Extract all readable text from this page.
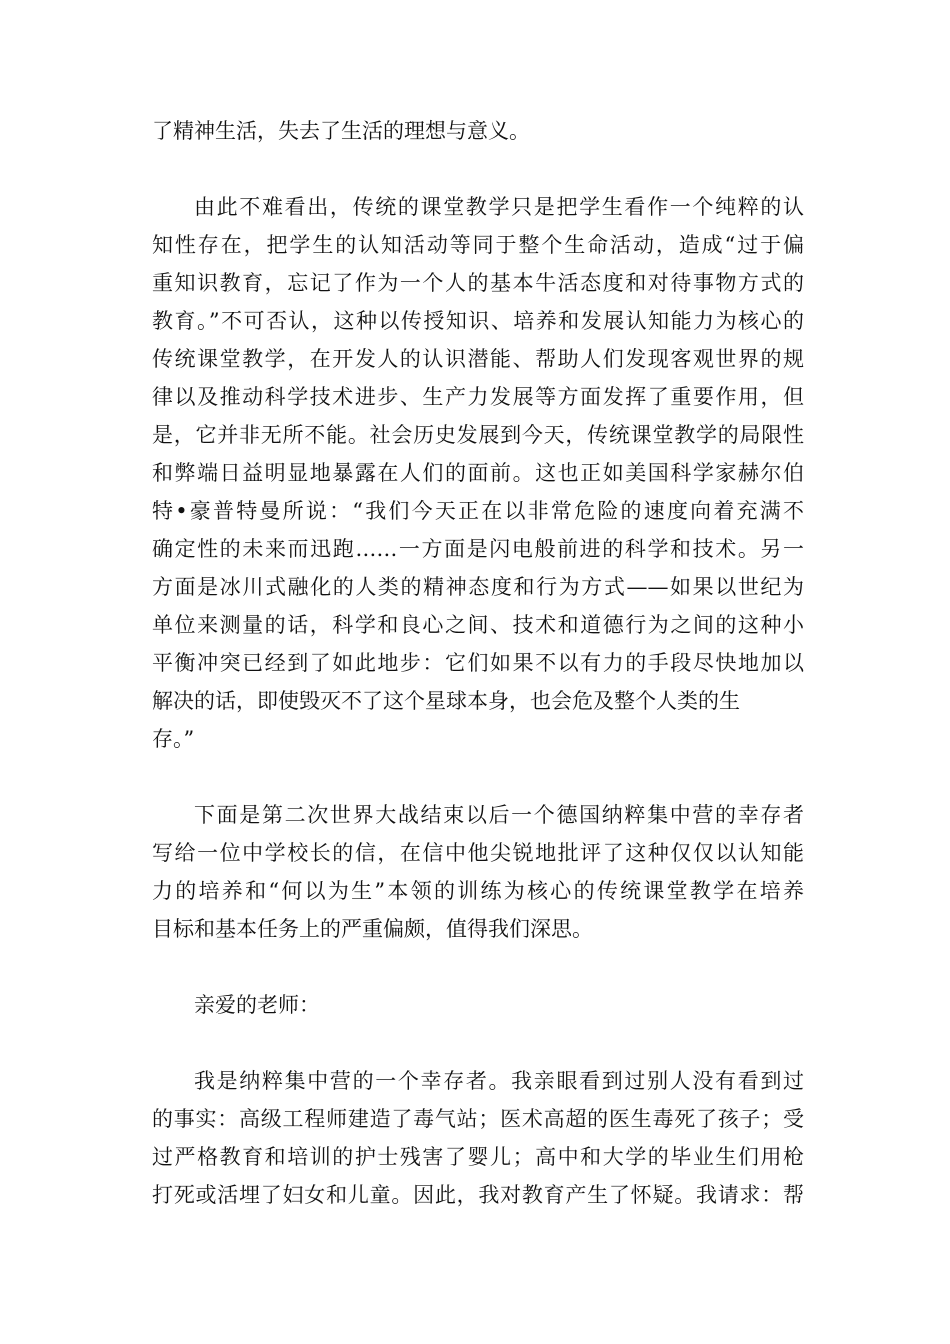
了精神生活，失去了生活的理想与意义。
由此不难看出，传统的课堂教学只是把学生看作一个纯粹的认
知性存在，把学生的认知活动等同于整个生命活动，造成“过于偏
重知识教育，忘记了作为一个人的基本牛活态度和对待事物方式的
教育。”不可否认，这种以传授知识、培养和发展认知能力为核心的
传统课堂教学，在开发人的认识潜能、帮助人们发现客观世界的规
律以及推动科学技术进步、生产力发展等方面发挥了重要作用，但
是，它并非无所不能。社会历史发展到今天，传统课堂教学的局限性
和弊端日益明显地暴露在人们的面前。这也正如美国科学家赫尔伯
特•豪普特曼所说：“我们今天正在以非常危险的速度向着充满不
确定性的未来而迅跑……一方面是闪电般前进的科学和技术。另一
方面是冰川式融化的人类的精神态度和行为方式——如果以世纪为
单位来测量的话，科学和良心之间、技术和道德行为之间的这种小
平衡冲突已经到了如此地步：它们如果不以有力的手段尽快地加以
解决的话，即使毁灭不了这个星球本身，也会危及整个人类的生
存。”
下面是第二次世界大战结束以后一个德国纳粹集中营的幸存者
写给一位中学校长的信，在信中他尖锐地批评了这种仅仅以认知能
力的培养和“何以为生”本领的训练为核心的传统课堂教学在培养
目标和基本任务上的严重偏颇，值得我们深思。
亲爱的老师：
我是纳粹集中营的一个幸存者。我亲眼看到过别人没有看到过
的事实：高级工程师建造了毒气站；医术高超的医生毒死了孩子；受
过严格教育和培训的护士残害了婴儿；高中和大学的毕业生们用枪
打死或活埋了妇女和儿童。因此，我对教育产生了怀疑。我请求：帮
